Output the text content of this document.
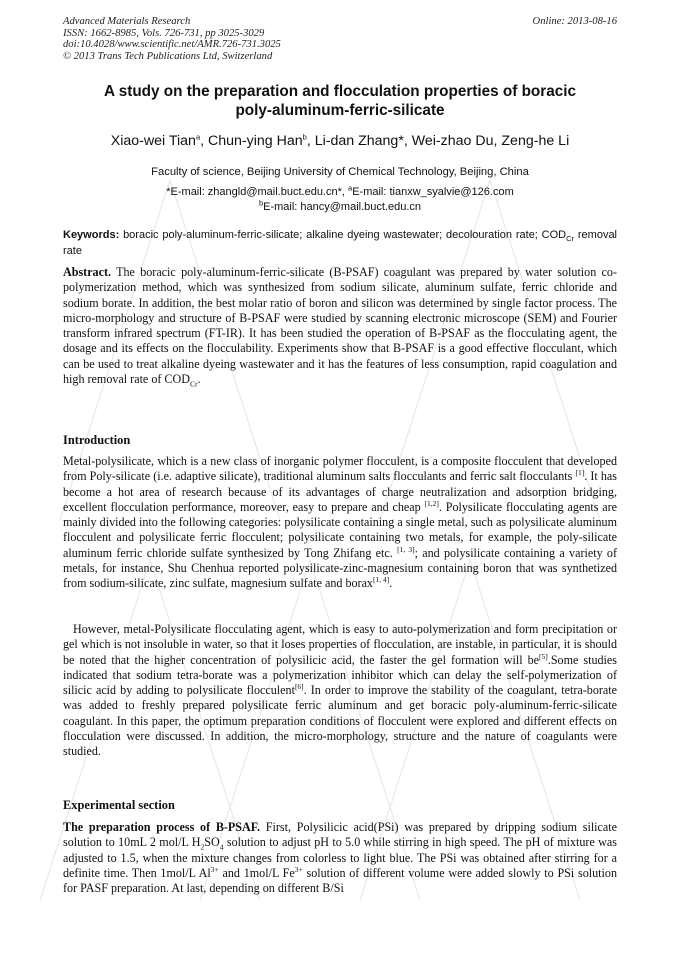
Advanced Materials Research
ISSN: 1662-8985, Vols. 726-731, pp 3025-3029
doi:10.4028/www.scientific.net/AMR.726-731.3025
© 2013 Trans Tech Publications Ltd, Switzerland
Online: 2013-08-16
A study on the preparation and flocculation properties of boracic
poly-aluminum-ferric-silicate
Xiao-wei Tian$^a$, Chun-ying Han$^b$, Li-dan Zhang*, Wei-zhao Du, Zeng-he Li
Faculty of science, Beijing University of Chemical Technology, Beijing, China
*E-mail: zhangld@mail.buct.edu.cn*, $^a$E-mail: tianxw_syalvie@126.com
$^b$E-mail: hancy@mail.buct.edu.cn
Keywords: boracic poly-aluminum-ferric-silicate; alkaline dyeing wastewater; decolouration rate; $COD_{Cr}$ removal rate
Abstract. The boracic poly-aluminum-ferric-silicate (B-PSAF) coagulant was prepared by water solution co-polymerization method, which was synthesized from sodium silicate, aluminum sulfate, ferric chloride and sodium borate. In addition, the best molar ratio of boron and silicon was determined by single factor process. The micro-morphology and structure of B-PSAF were studied by scanning electronic microscope (SEM) and Fourier transform infrared spectrum (FT-IR). It has been studied the operation of B-PSAF as the flocculating agent, the dosage and its effects on the flocculability. Experiments show that B-PSAF is a good effective flocculant, which can be used to treat alkaline dyeing wastewater and it has the features of less consumption, rapid coagulation and high removal rate of $COD_{Cr}$.
Introduction
Metal-polysilicate, which is a new class of inorganic polymer flocculent, is a composite flocculent that developed from Poly-silicate (i.e. adaptive silicate), traditional aluminum salts flocculants and ferric salt flocculants [1]. It has become a hot area of research because of its advantages of charge neutralization and adsorption bridging, excellent flocculation performance, moreover, easy to prepare and cheap [1,2]. Polysilicate flocculating agents are mainly divided into the following categories: polysilicate containing a single metal, such as polysilicate aluminum flocculent and polysilicate ferric flocculent; polysilicate containing two metals, for example, the poly-silicate aluminum ferric chloride sulfate synthesized by Tong Zhifang etc. [1, 3]; and polysilicate containing a variety of metals, for instance, Shu Chenhua reported polysilicate-zinc-magnesium containing boron that was synthetized from sodium-silicate, zinc sulfate, magnesium sulfate and borax[1, 4].
However, metal-Polysilicate flocculating agent, which is easy to auto-polymerization and form precipitation or gel which is not insoluble in water, so that it loses properties of flocculation, are instable, in particular, it is should be noted that the higher concentration of polysilicic acid, the faster the gel formation will be[5].Some studies indicated that sodium tetra-borate was a polymerization inhibitor which can delay the self-polymerization of silicic acid by adding to polysilicate flocculent[6]. In order to improve the stability of the coagulant, tetra-borate was added to freshly prepared polysilicate ferric aluminum and get boracic poly-aluminum-ferric-silicate coagulant. In this paper, the optimum preparation conditions of flocculent were explored and different effects on flocculation were discussed. In addition, the micro-morphology, structure and the nature of coagulants were studied.
Experimental section
The preparation process of B-PSAF. First, Polysilicic acid(PSi) was prepared by dripping sodium silicate solution to 10mL 2 mol/L $H_2SO_4$ solution to adjust pH to 5.0 while stirring in high speed. The pH of mixture was adjusted to 1.5, when the mixture changes from colorless to light blue. The PSi was obtained after stirring for a definite time. Then 1mol/L $Al^{3+}$ and 1mol/L $Fe^{3+}$ solution of different volume were added slowly to PSi solution for PASF preparation. At last, depending on different B/Si
